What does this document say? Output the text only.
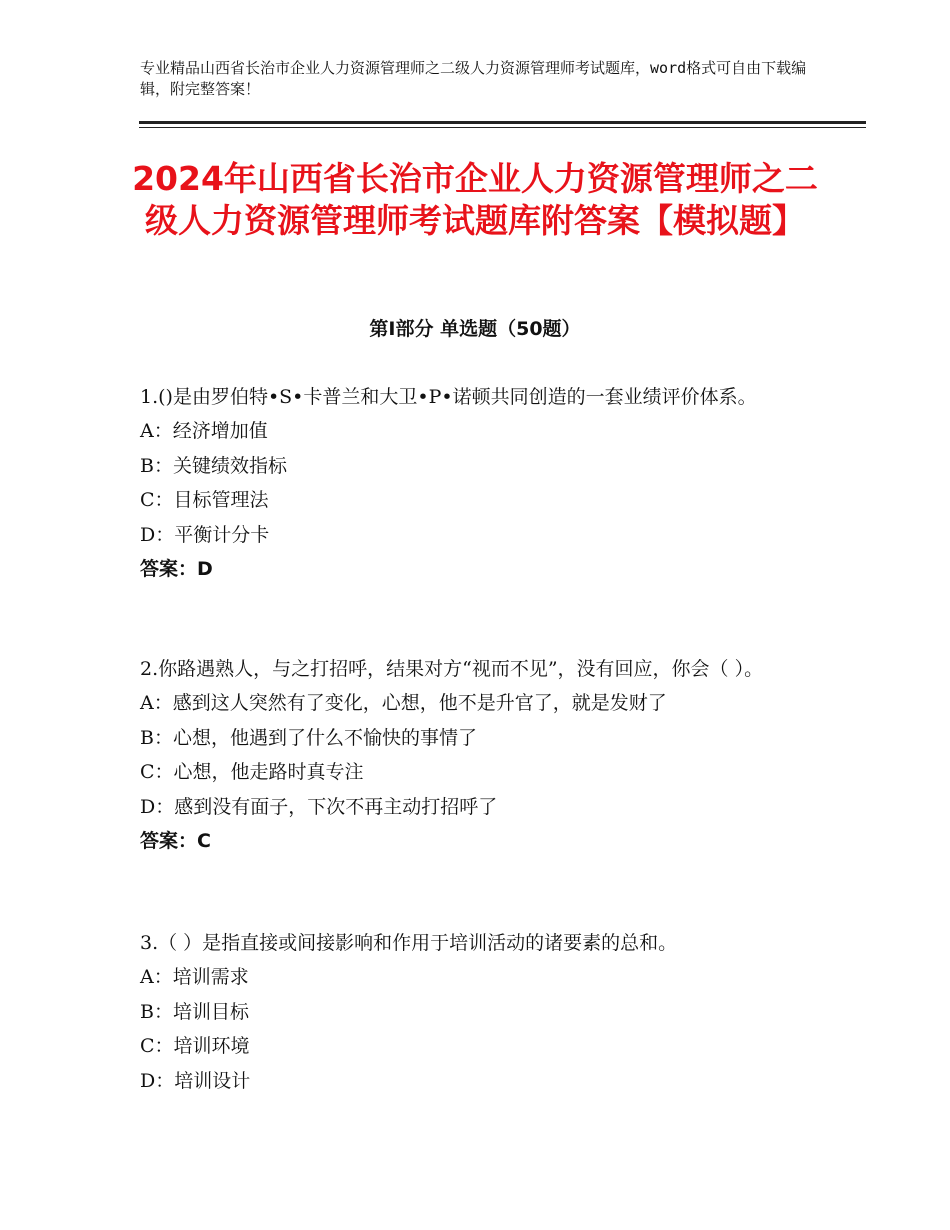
专业精品山西省长治市企业人力资源管理师之二级人力资源管理师考试题库，word格式可自由下载编辑，附完整答案！
2024年山西省长治市企业人力资源管理师之二级人力资源管理师考试题库附答案【模拟题】
第Ⅰ部分 单选题（50题）
1.()是由罗伯特•S•卡普兰和大卫•P•诺顿共同创造的一套业绩评价体系。
A：经济增加值
B：关键绩效指标
C：目标管理法
D：平衡计分卡
答案：D
2.你路遇熟人，与之打招呼，结果对方“视而不见”，没有回应，你会（ ）。
A：感到这人突然有了变化，心想，他不是升官了，就是发财了
B：心想，他遇到了什么不愉快的事情了
C：心想，他走路时真专注
D：感到没有面子，下次不再主动打招呼了
答案：C
3.（ ）是指直接或间接影响和作用于培训活动的诸要素的总和。
A：培训需求
B：培训目标
C：培训环境
D：培训设计
